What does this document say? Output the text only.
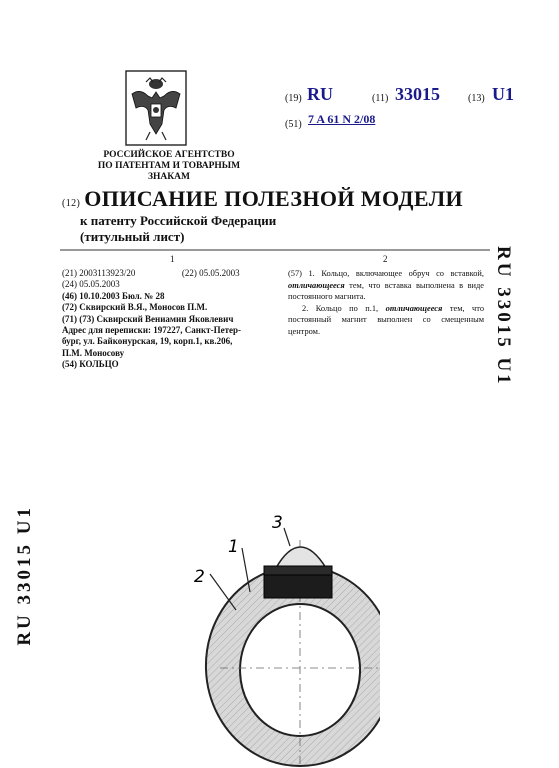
РОССИЙСКОЕ АГЕНТСТВО
ПО ПАТЕНТАМ И ТОВАРНЫМ ЗНАКАМ
(19) RU	(11) 33015	(13) U1
(51) 7 A 61 N 2/08
(12) ОПИСАНИЕ ПОЛЕЗНОЙ МОДЕЛИ
к патенту Российской Федерации
(титульный лист)
1	2
(21) 2003113923/20	(22) 05.05.2003
(24) 05.05.2003
(46) 10.10.2003 Бюл. № 28
(72) Сквирский В.Я., Моносов П.М.
(71) (73) Сквирский Вениамин Яковлевич
Адрес для переписки: 197227, Санкт-Петер-
бург, ул. Байконурская, 19, корп.1, кв.206,
П.М. Моносову
(54) КОЛЬЦО

(57) 1. Кольцо, включающее обруч со вставкой, отличающееся тем, что вставка выполнена в виде постоянного магнита.

2. Кольцо по п.1, отличающееся тем, что постоянный магнит выполнен со смещенным центром.	RU 33015 U1
RU 33015 U1	1
2
3
